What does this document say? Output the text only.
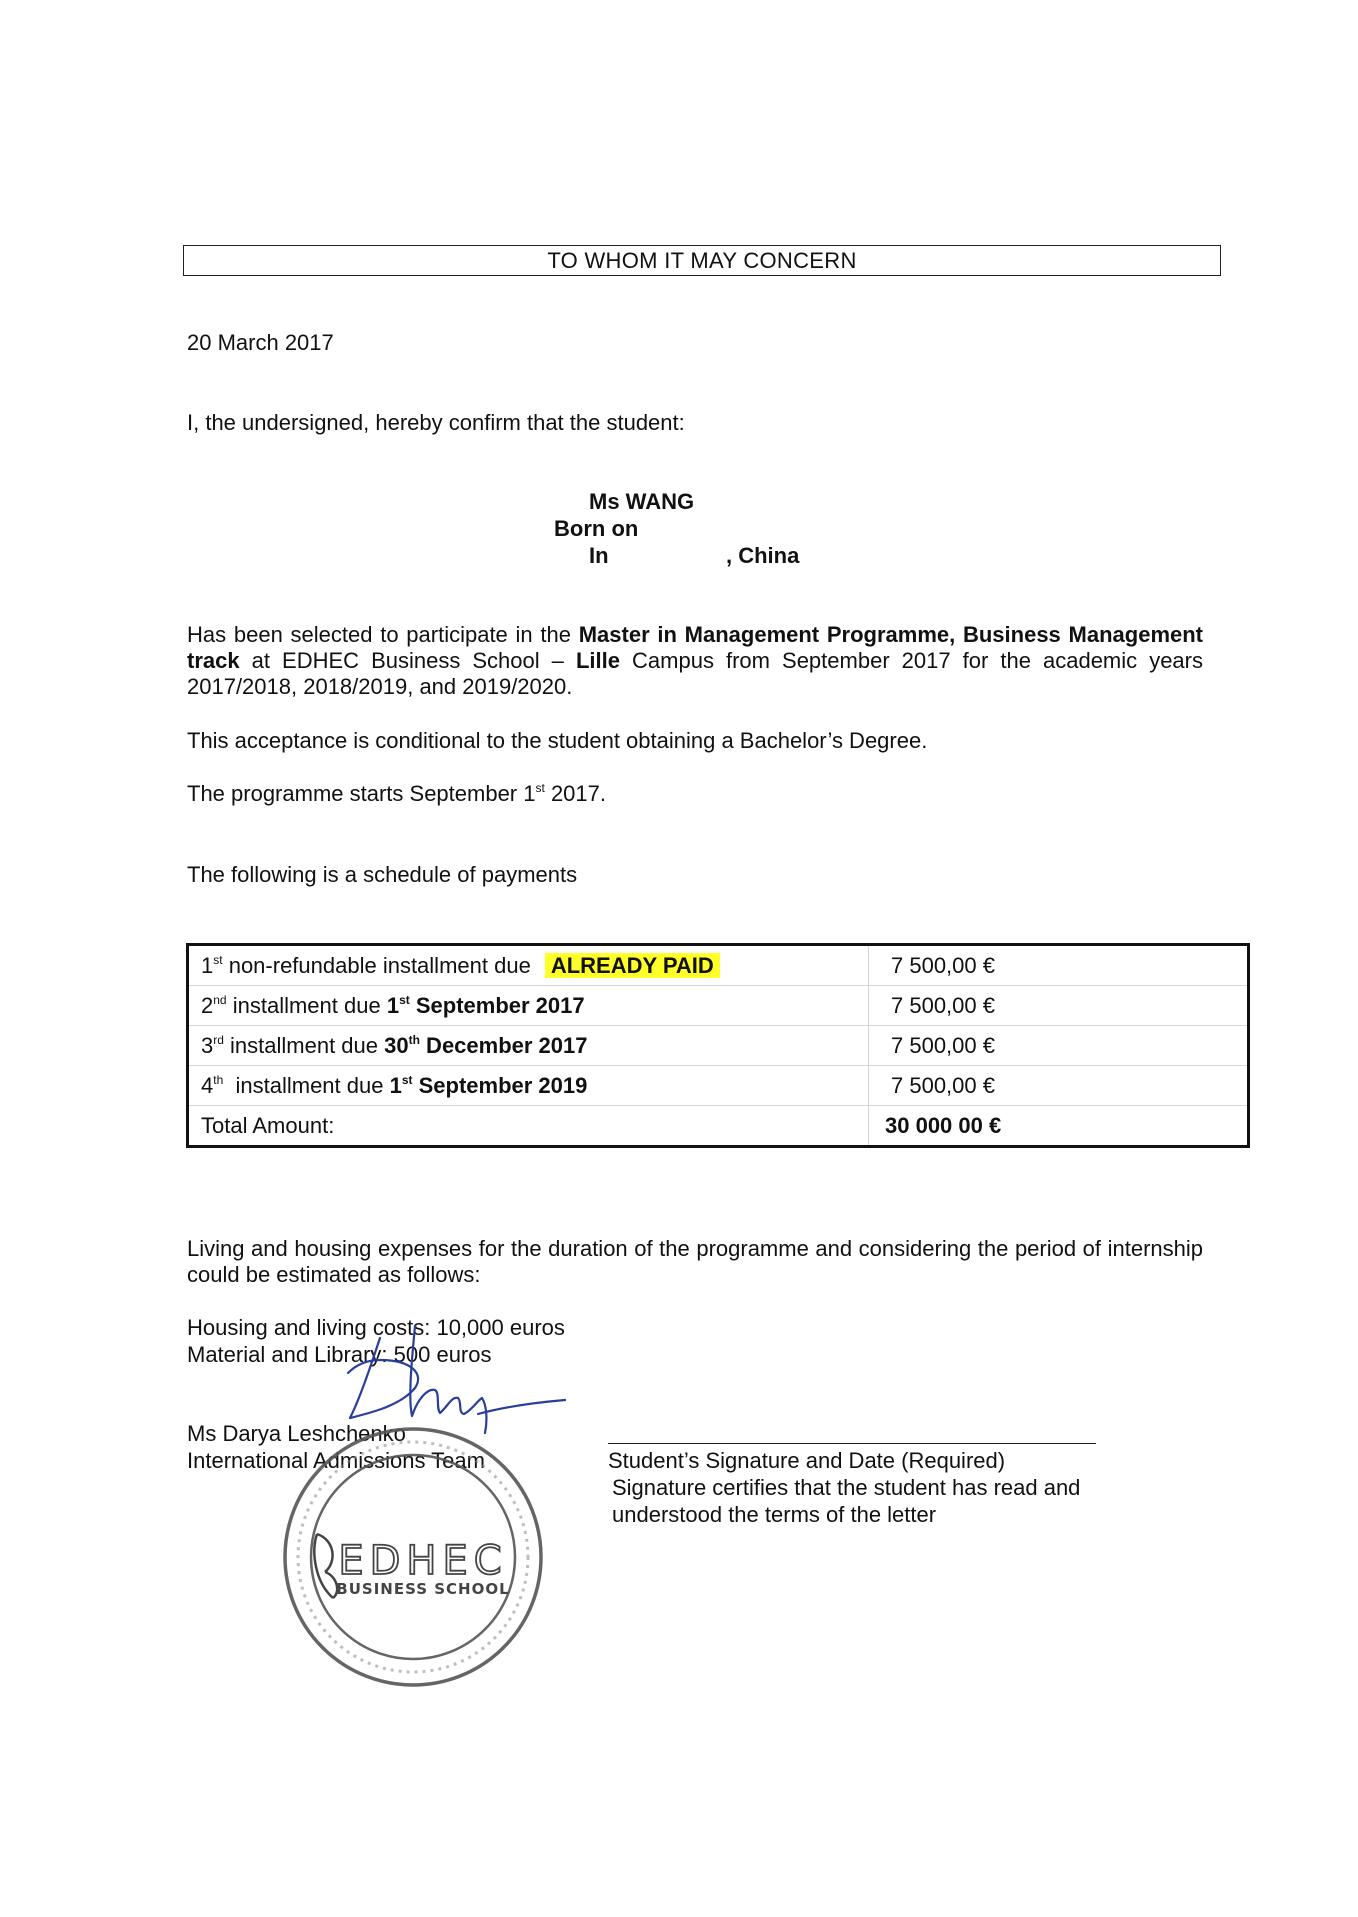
TO WHOM IT MAY CONCERN
20 March 2017
I, the undersigned, hereby confirm that the student:
Ms WANG
Born on
In	, China
Has been selected to participate in the Master in Management Programme, Business Management track at EDHEC Business School – Lille Campus from September 2017 for the academic years 2017/2018, 2018/2019, and 2019/2020.
This acceptance is conditional to the student obtaining a Bachelor’s Degree.
The programme starts September 1st 2017.
The following is a schedule of payments
1st non-refundable installment due ALREADY PAID	7 500,00 €
2nd installment due 1st September 2017	7 500,00 €
3rd installment due 30th December 2017	7 500,00 €
4th  installment due 1st September 2019	7 500,00 €
Total Amount:	30 000 00 €
Living and housing expenses for the duration of the programme and considering the period of internship could be estimated as follows:
Housing and living costs: 10,000 euros
Material and Library: 500 euros
Ms Darya Leshchenko
International Admissions Team	Student’s Signature and Date (Required)
Signature certifies that the student has read and
understood the terms of the letter
EDHEC
BUSINESS SCHOOL
